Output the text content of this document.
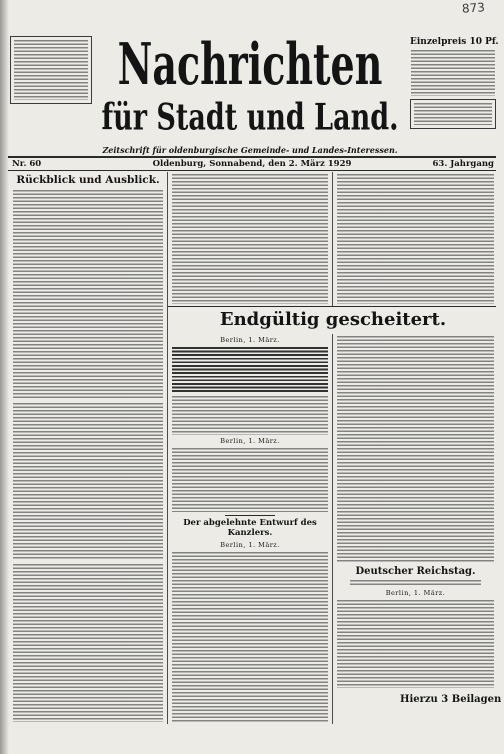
873
Nachrichten
für Stadt und Land.
Zeitschrift für oldenburgische Gemeinde- und Landes-Interessen.
Einzelpreis 10 Pf.
Nr. 60	Oldenburg, Sonnabend, den 2. März 1929	63. Jahrgang
Rückblick und Ausblick.
Endgültig gescheitert.
Berlin, 1. März.
Berlin, 1. März.
Der abgelehnte Entwurf des Kanzlers.
Berlin, 1. März.
Deutscher Reichstag.
Berlin, 1. März.
Hierzu 3 Beilagen
